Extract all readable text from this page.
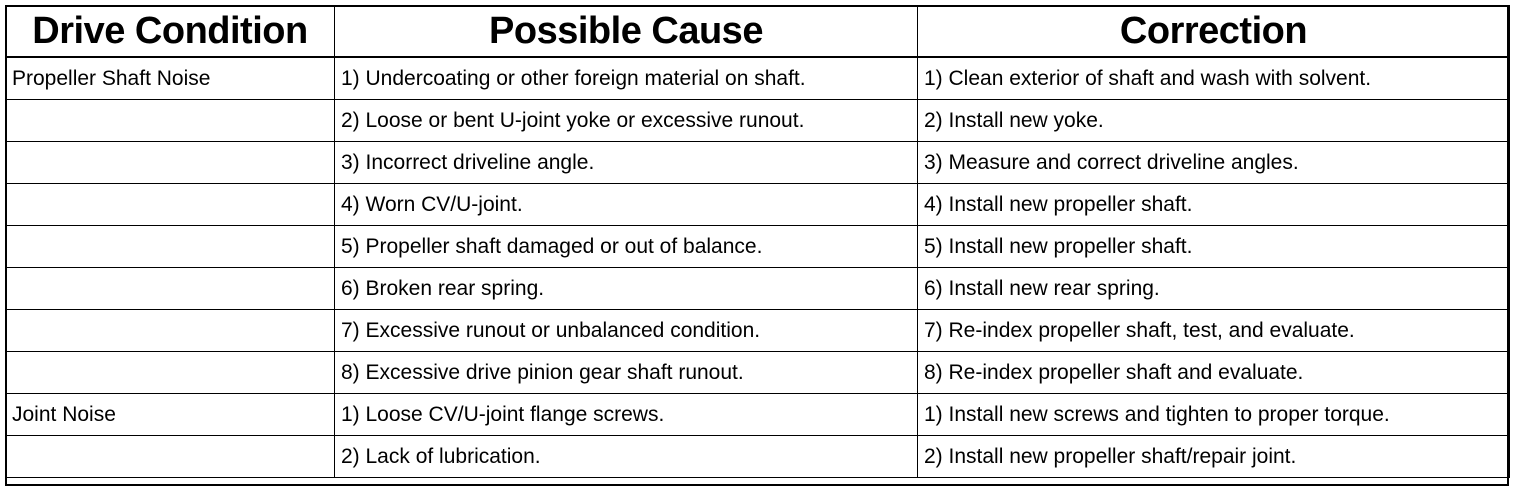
Drive Condition	Possible Cause	Correction
Propeller Shaft Noise	1) Undercoating or other foreign material on shaft.	1) Clean exterior of shaft and wash with solvent.
	2) Loose or bent U-joint yoke or excessive runout.	2) Install new yoke.
	3) Incorrect driveline angle.	3) Measure and correct driveline angles.
	4) Worn CV/U-joint.	4) Install new propeller shaft.
	5) Propeller shaft damaged or out of balance.	5) Install new propeller shaft.
	6) Broken rear spring.	6) Install new rear spring.
	7) Excessive runout or unbalanced condition.	7) Re-index propeller shaft, test, and evaluate.
	8) Excessive drive pinion gear shaft runout.	8) Re-index propeller shaft and evaluate.
Joint Noise	1) Loose CV/U-joint flange screws.	1) Install new screws and tighten to proper torque.
	2) Lack of lubrication.	2) Install new propeller shaft/repair joint.
